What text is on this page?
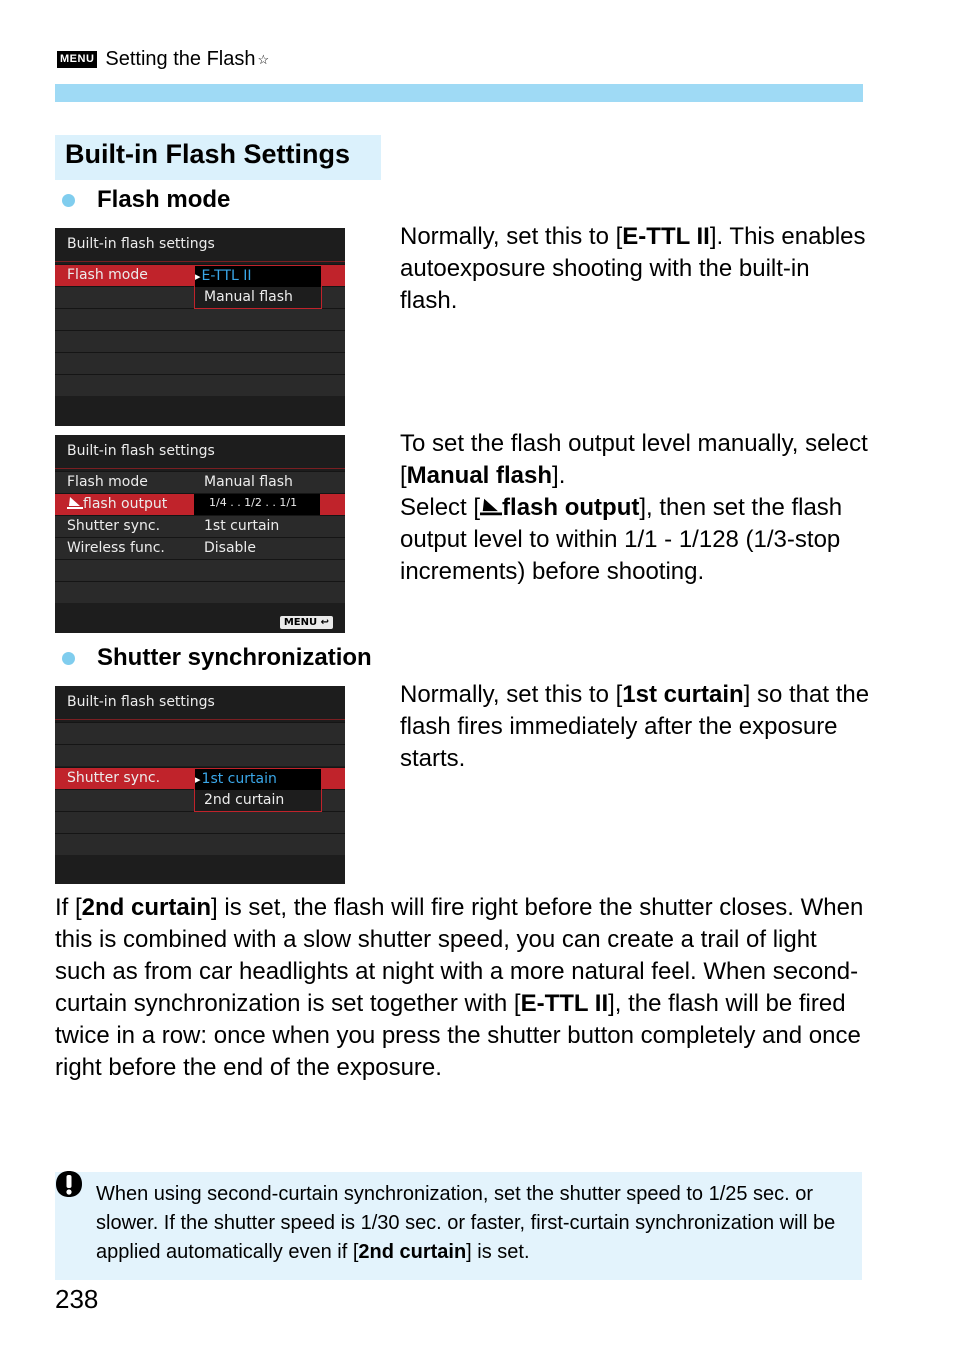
MENU Setting the Flash ☆
Built-in Flash Settings
Flash mode
Built-in flash settings
Flash mode	▸ E-TTL II
Manual flash
Normally, set this to [E-TTL II]. This enables autoexposure shooting with the built-in flash.
Built-in flash settings
Flash mode	Manual flash
flash output	1/4 . . 1/2 . . 1/1
Shutter sync.	1st curtain
Wireless func.	Disable
MENU ↩
To set the flash output level manually, select [Manual flash].
Select [ flash output], then set the flash output level to within 1/1 - 1/128 (1/3-stop increments) before shooting.
Shutter synchronization
Built-in flash settings
Shutter sync.	▸ 1st curtain
2nd curtain
Normally, set this to [1st curtain] so that the flash fires immediately after the exposure starts.
If [2nd curtain] is set, the flash will fire right before the shutter closes. When this is combined with a slow shutter speed, you can create a trail of light such as from car headlights at night with a more natural feel. When second-curtain synchronization is set together with [E-TTL II], the flash will be fired twice in a row: once when you press the shutter button completely and once right before the end of the exposure.
When using second-curtain synchronization, set the shutter speed to 1/25 sec. or slower. If the shutter speed is 1/30 sec. or faster, first-curtain synchronization will be applied automatically even if [2nd curtain] is set.
238
